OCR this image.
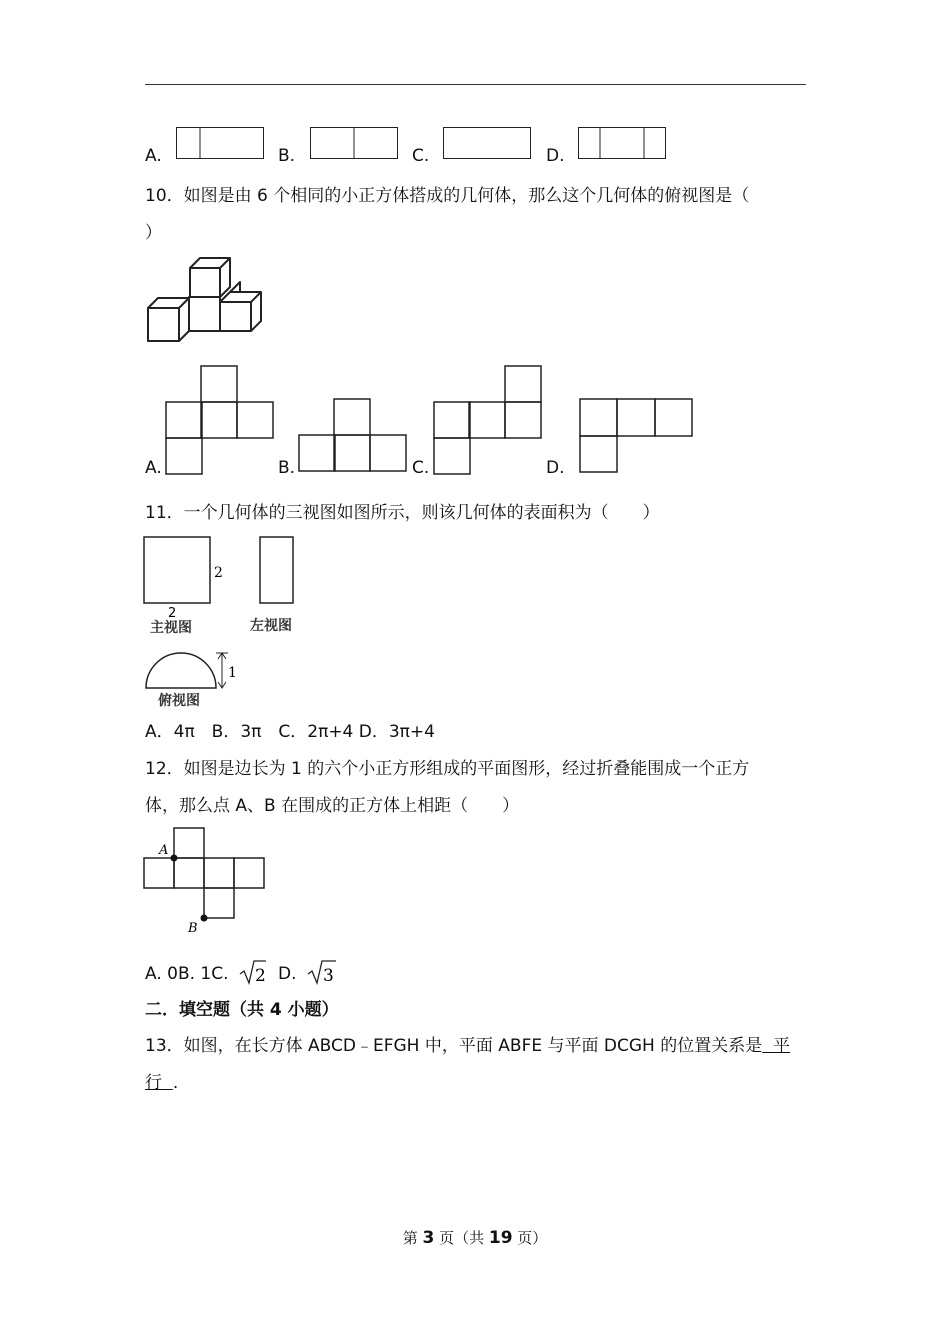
A.	B.	C.	D.
10．如图是由 6 个相同的小正方体搭成的几何体，那么这个几何体的俯视图是（
）
A.	B.	C.	D.
11．一个几何体的三视图如图所示，则该几何体的表面积为（　　）
2
2
主视图	左视图
1
俯视图
A．4π　B．3π　C．2π+4 D．3π+4
12．如图是边长为 1 的六个小正方形组成的平面图形，经过折叠能围成一个正方
体，那么点 A、B 在围成的正方体上相距（　　）
A
B
A. 0B. 1C. 2 D. 3
二．填空题（共 4 小题）
13．如图，在长方体 ABCD﹣EFGH 中，平面 ABFE 与平面 DCGH 的位置关系是  平
行  .
第 3 页（共 19 页）
